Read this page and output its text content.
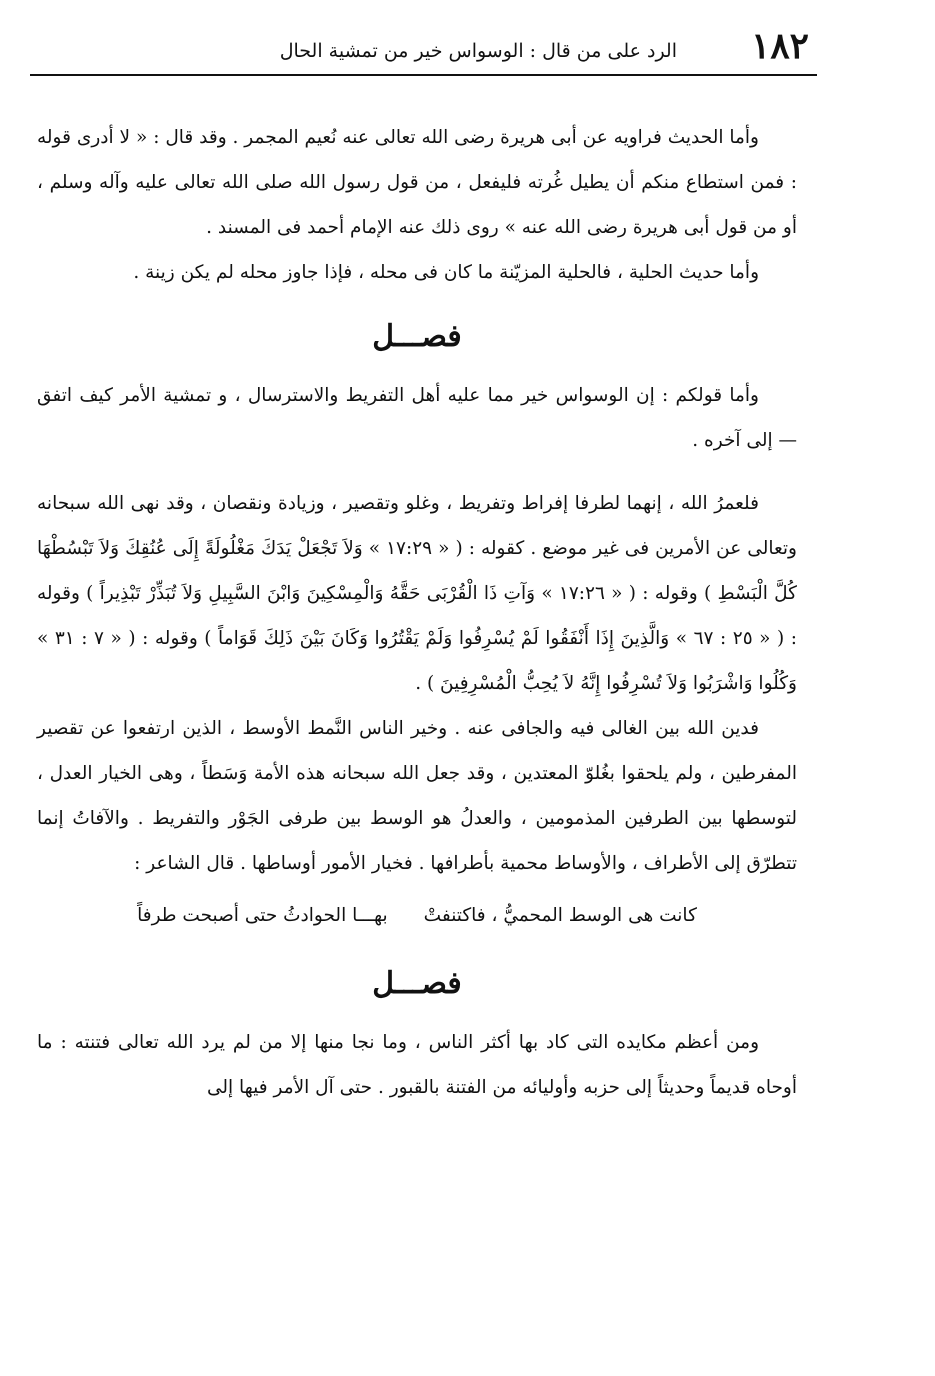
١٨٢
الرد على من قال : الوسواس خير من تمشية الحال

وأما الحديث فراويه عن أبى هريرة رضى الله تعالى عنه نُعيم المجمر . وقد قال : « لا أدرى قوله : فمن استطاع منكم أن يطيل غُرته فليفعل ، من قول رسول الله صلى الله تعالى عليه وآله وسلم ، أو من قول أبى هريرة رضى الله عنه » روى ذلك عنه الإمام أحمد فى المسند .

وأما حديث الحلية ، فالحلية المزيّنة ما كان فى محله ، فإذا جاوز محله لم يكن زينة .

فصـــل

وأما قولكم : إن الوسواس خير مما عليه أهل التفريط والاسترسال ، و تمشية الأمر كيف اتفق — إلى آخره .

فلعمرُ الله ، إنهما لطرفا إفراط وتفريط ، وغلو وتقصير ، وزيادة ونقصان ، وقد نهى الله سبحانه وتعالى عن الأمرين فى غير موضع . كقوله : ( « ١٧:٢٩ » وَلاَ تَجْعَلْ يَدَكَ مَغْلُولَةً إِلَى عُنُقِكَ وَلاَ تَبْسُطْهَا كُلَّ الْبَسْطِ ) وقوله : ( « ١٧:٢٦ » وَآتِ ذَا الْقُرْبَى حَقَّهُ وَالْمِسْكِينَ وَابْنَ السَّبِيلِ وَلاَ تُبَذِّرْ تَبْذِيراً ) وقوله : ( « ٢٥ : ٦٧ » وَالَّذِينَ إِذَا أَنْفَقُوا لَمْ يُسْرِفُوا وَلَمْ يَقْتُرُوا وَكَانَ بَيْنَ ذَلِكَ قَوَاماً ) وقوله : ( « ٧ : ٣١ » وَكُلُوا وَاشْرَبُوا وَلاَ تُسْرِفُوا إِنَّهُ لاَ يُحِبُّ الْمُسْرِفِينَ ) .

فدين الله بين الغالى فيه والجافى عنه . وخير الناس النَّمط الأوسط ، الذين ارتفعوا عن تقصير المفرطين ، ولم يلحقوا بغُلوّ المعتدين ، وقد جعل الله سبحانه هذه الأمة وَسَطاً ، وهى الخيار العدل ، لتوسطها بين الطرفين المذمومين ، والعدلُ هو الوسط بين طرفى الجَوْر والتفريط . والآفاتُ إنما تتطرّق إلى الأطراف ، والأوساط محمية بأطرافها . فخيار الأمور أوساطها . قال الشاعر :

كانت هى الوسط المحميُّ ، فاكتنفتْ
بهـــا الحوادثُ حتى أصبحت طرفاً

فصـــل

ومن أعظم مكايده التى كاد بها أكثر الناس ، وما نجا منها إلا من لم يرد الله تعالى فتنته : ما أوحاه قديماً وحديثاً إلى حزبه وأوليائه من الفتنة بالقبور . حتى آل الأمر فيها إلى
